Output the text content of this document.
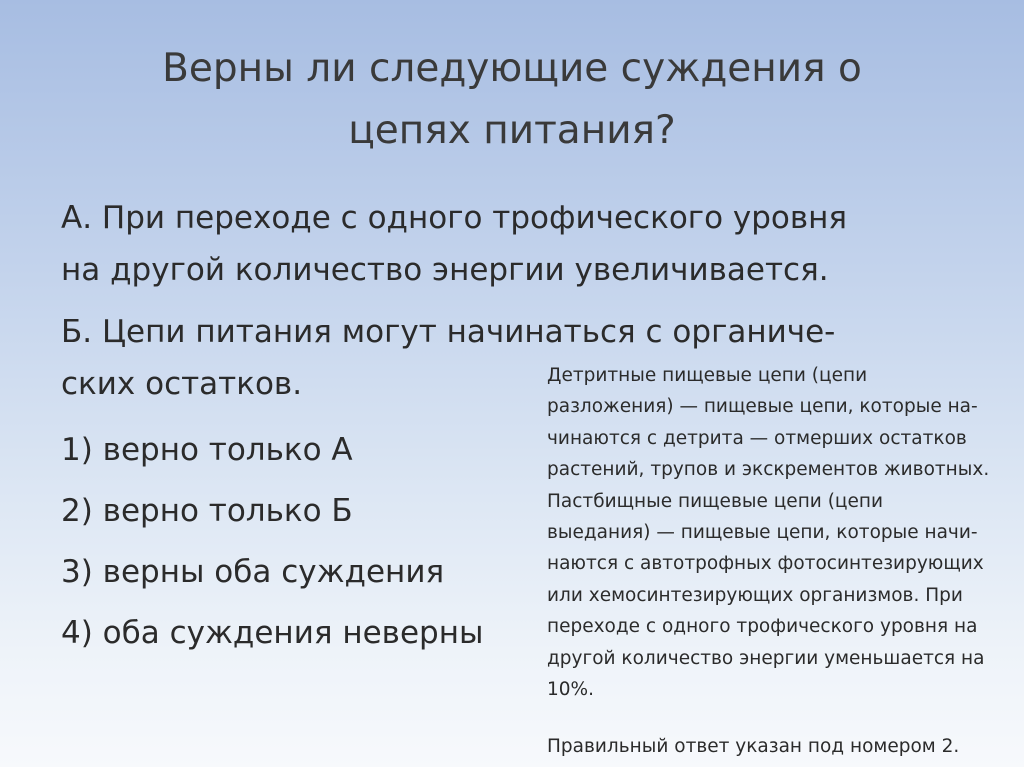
Верны ли следующие суждения о
цепях питания?

А. При переходе с одного трофического уровня
на другой количество энергии увеличивается.

Б. Цепи питания могут начинаться с органиче-
ских остатков.

1) верно только А
2) верно только Б
3) верны оба суждения
4) оба суждения неверны
Детритные пищевые цепи (цепи
разложения) — пищевые цепи, которые на-
чинаются с детрита — отмерших остатков
растений, трупов и экскрементов животных.
Пастбищные пищевые цепи (цепи
выедания) — пищевые цепи, которые начи-
наются с автотрофных фотосинтезирующих
или хемосинтезирующих организмов. При
переходе с одного трофического уровня на
другой количество энергии уменьшается на
10%.
Правильный ответ указан под номером 2.
